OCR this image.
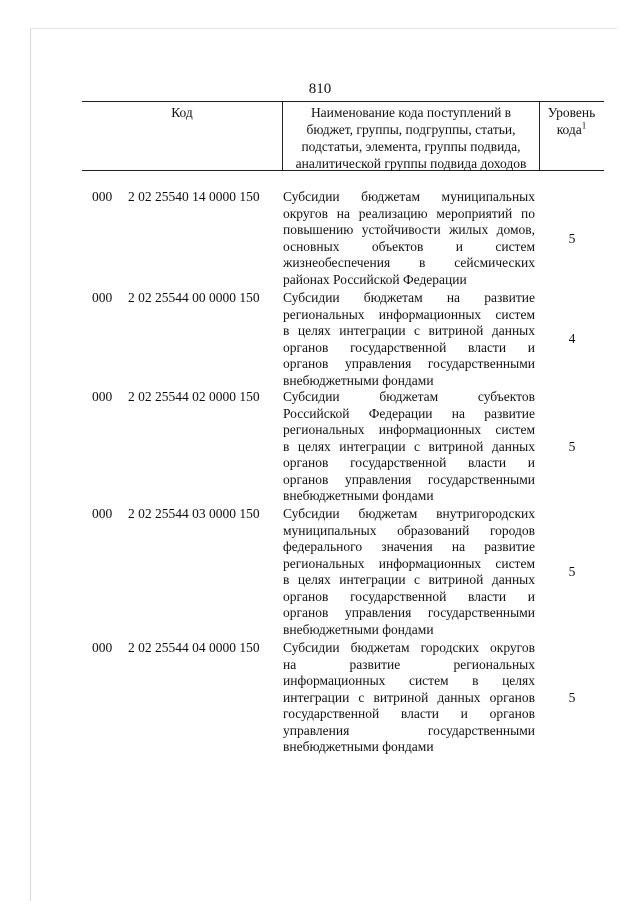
810
Код	Наименование кода поступлений в
бюджет, группы, подгруппы, статьи,
подстатьи, элемента, группы подвида,
аналитической группы подвида доходов
Уровень
кода$^1$
000 2 02 25540 14 0000 150 Субсидии бюджетам муниципальных
округов на реализацию мероприятий по
повышению устойчивости жилых домов,
основных объектов и систем
жизнеобеспечения в сейсмических
районах Российской Федерации
5
000 2 02 25544 00 0000 150 Субсидии бюджетам на развитие
региональных информационных систем
в целях интеграции с витриной данных
органов государственной власти и
органов управления государственными
внебюджетными фондами
4
000 2 02 25544 02 0000 150 Субсидии бюджетам субъектов
Российской Федерации на развитие
региональных информационных систем
в целях интеграции с витриной данных
органов государственной власти и
органов управления государственными
внебюджетными фондами
5
000 2 02 25544 03 0000 150 Субсидии бюджетам внутригородских
муниципальных образований городов
федерального значения на развитие
региональных информационных систем
в целях интеграции с витриной данных
органов государственной власти и
органов управления государственными
внебюджетными фондами
5
000 2 02 25544 04 0000 150 Субсидии бюджетам городских округов
на развитие региональных
информационных систем в целях
интеграции с витриной данных органов
государственной власти и органов
управления государственными
внебюджетными фондами
5
